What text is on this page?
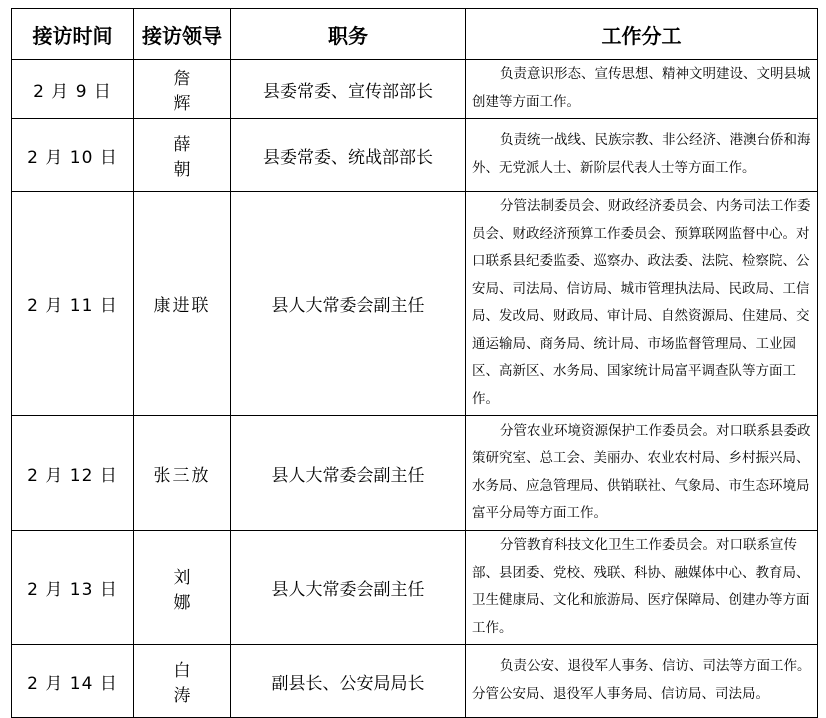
接访时间	接访领导	职务	工作分工
2 月 9 日	詹辉	县委常委、宣传部部长	负责意识形态、宣传思想、精神文明建设、文明县城创建等方面工作。
2 月 10 日	薛朝	县委常委、统战部部长	负责统一战线、民族宗教、非公经济、港澳台侨和海外、无党派人士、新阶层代表人士等方面工作。
2 月 11 日	康进联	县人大常委会副主任	分管法制委员会、财政经济委员会、内务司法工作委员会、财政经济预算工作委员会、预算联网监督中心。对口联系县纪委监委、巡察办、政法委、法院、检察院、公安局、司法局、信访局、城市管理执法局、民政局、工信局、发改局、财政局、审计局、自然资源局、住建局、交通运输局、商务局、统计局、市场监督管理局、工业园区、高新区、水务局、国家统计局富平调查队等方面工作。
2 月 12 日	张三放	县人大常委会副主任	分管农业环境资源保护工作委员会。对口联系县委政策研究室、总工会、美丽办、农业农村局、乡村振兴局、水务局、应急管理局、供销联社、气象局、市生态环境局富平分局等方面工作。
2 月 13 日	刘娜	县人大常委会副主任	分管教育科技文化卫生工作委员会。对口联系宣传部、县团委、党校、残联、科协、融媒体中心、教育局、卫生健康局、文化和旅游局、医疗保障局、创建办等方面工作。
2 月 14 日	白涛	副县长、公安局局长	负责公安、退役军人事务、信访、司法等方面工作。分管公安局、退役军人事务局、信访局、司法局。
